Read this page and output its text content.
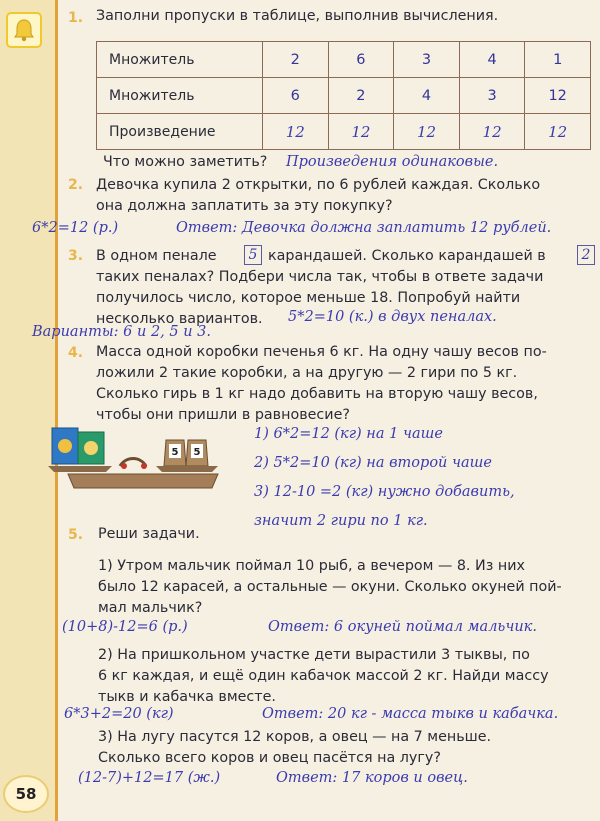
1. Заполни пропуски в таблице, выполнив вычисления.
Множитель	2	6	3	4	1
Множитель	6	2	4	3	12
Произведение	12	12	12	12	12
Что можно заметить? Произведения одинаковые.
2. Девочка купила 2 открытки, по 6 рублей каждая. Сколько
она должна заплатить за эту покупку?
6*2=12 (р.)	Ответ: Девочка должна заплатить 12 рублей.
3. В одном пенале	5 карандашей. Сколько карандашей в	2
таких пеналах? Подбери числа так, чтобы в ответе задачи
получилось число, которое меньше 18. Попробуй найти
несколько вариантов. 5*2=10 (к.) в двух пеналах.
Варианты: 6 и 2, 5 и 3.
4. Масса одной коробки печенья 6 кг. На одну чашу весов по-
ложили 2 такие коробки, а на другую — 2 гири по 5 кг.
Сколько гирь в 1 кг надо добавить на вторую чашу весов,
чтобы они пришли в равновесие?
5 5
1) 6*2=12 (кг) на 1 чаше
2) 5*2=10 (кг) на второй чаше
3) 12-10 =2 (кг) нужно добавить,
значит 2 гири по 1 кг.
5. Реши задачи.
1) Утром мальчик поймал 10 рыб, а вечером — 8. Из них
было 12 карасей, а остальные — окуни. Сколько окуней пой-
мал мальчик?
(10+8)-12=6 (р.)	Ответ: 6 окуней поймал мальчик.
2) На пришкольном участке дети вырастили 3 тыквы, по
6 кг каждая, и ещё один кабачок массой 2 кг. Найди массу
тыкв и кабачка вместе.
6*3+2=20 (кг)	Ответ: 20 кг - масса тыкв и кабачка.
3) На лугу пасутся 12 коров, а овец — на 7 меньше.
Сколько всего коров и овец пасётся на лугу?
(12-7)+12=17 (ж.)	Ответ: 17 коров и овец.
58
